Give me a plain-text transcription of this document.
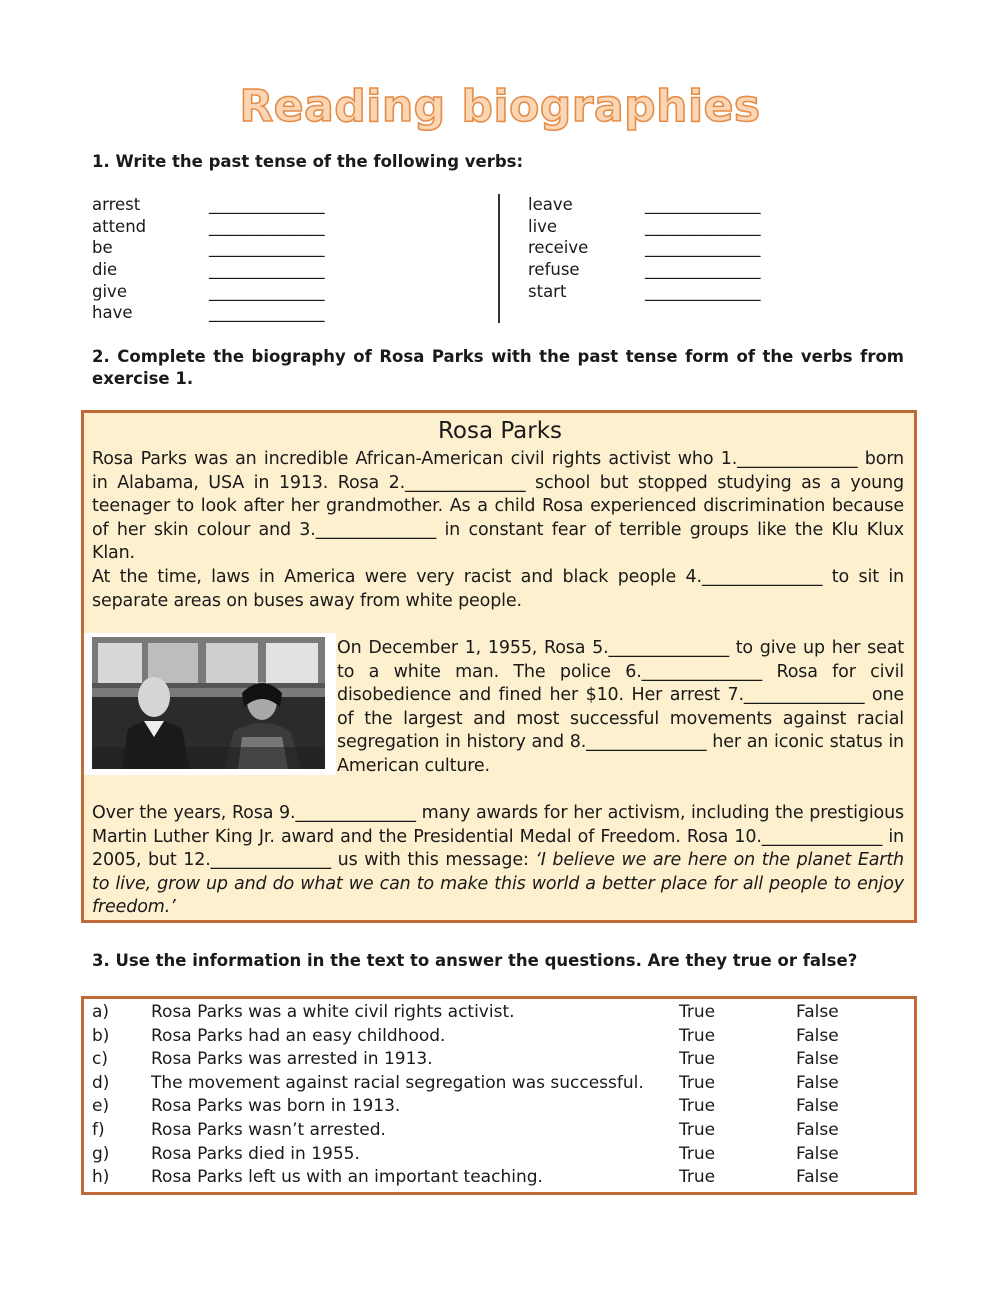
Reading biographies
1. Write the past tense of the following verbs:
arrest	______________
attend	______________
be	______________
die	______________
give	______________
have	______________
leave	______________
live	______________
receive	______________
refuse	______________
start	______________
2. Complete the biography of Rosa Parks with the past tense form of the verbs from exercise 1.
Rosa Parks

Rosa Parks was an incredible African-American civil rights activist who 1.______________ born in Alabama, USA in 1913. Rosa 2.______________ school but stopped studying as a young teenager to look after her grandmother. As a child Rosa experienced discrimination because of her skin colour and 3.______________ in constant fear of terrible groups like the Klu Klux Klan.

At the time, laws in America were very racist and black people 4.______________ to sit in separate areas on buses away from white people.

On December 1, 1955, Rosa 5.______________ to give up her seat to a white man. The police 6.______________ Rosa for civil disobedience and fined her $10. Her arrest 7.______________ one of the largest and most successful movements against racial segregation in history and 8.______________ her an iconic status in American culture.

Over the years, Rosa 9.______________ many awards for her activism, including the prestigious Martin Luther King Jr. award and the Presidential Medal of Freedom. Rosa 10.______________ in 2005, but 12.______________ us with this message: ‘I believe we are here on the planet Earth to live, grow up and do what we can to make this world a better place for all people to enjoy freedom.’

3. Use the information in the text to answer the questions. Are they true or false?
a) Rosa Parks was a white civil rights activist.	True	False
b) Rosa Parks had an easy childhood.	True	False
c)	Rosa Parks was arrested in 1913.	True	False
d) The movement against racial segregation was successful. True	False
e) Rosa Parks was born in 1913.	True	False
f)	Rosa Parks wasn’t arrested.	True	False
g) Rosa Parks died in 1955.	True	False
h) Rosa Parks left us with an important teaching.	True	False
